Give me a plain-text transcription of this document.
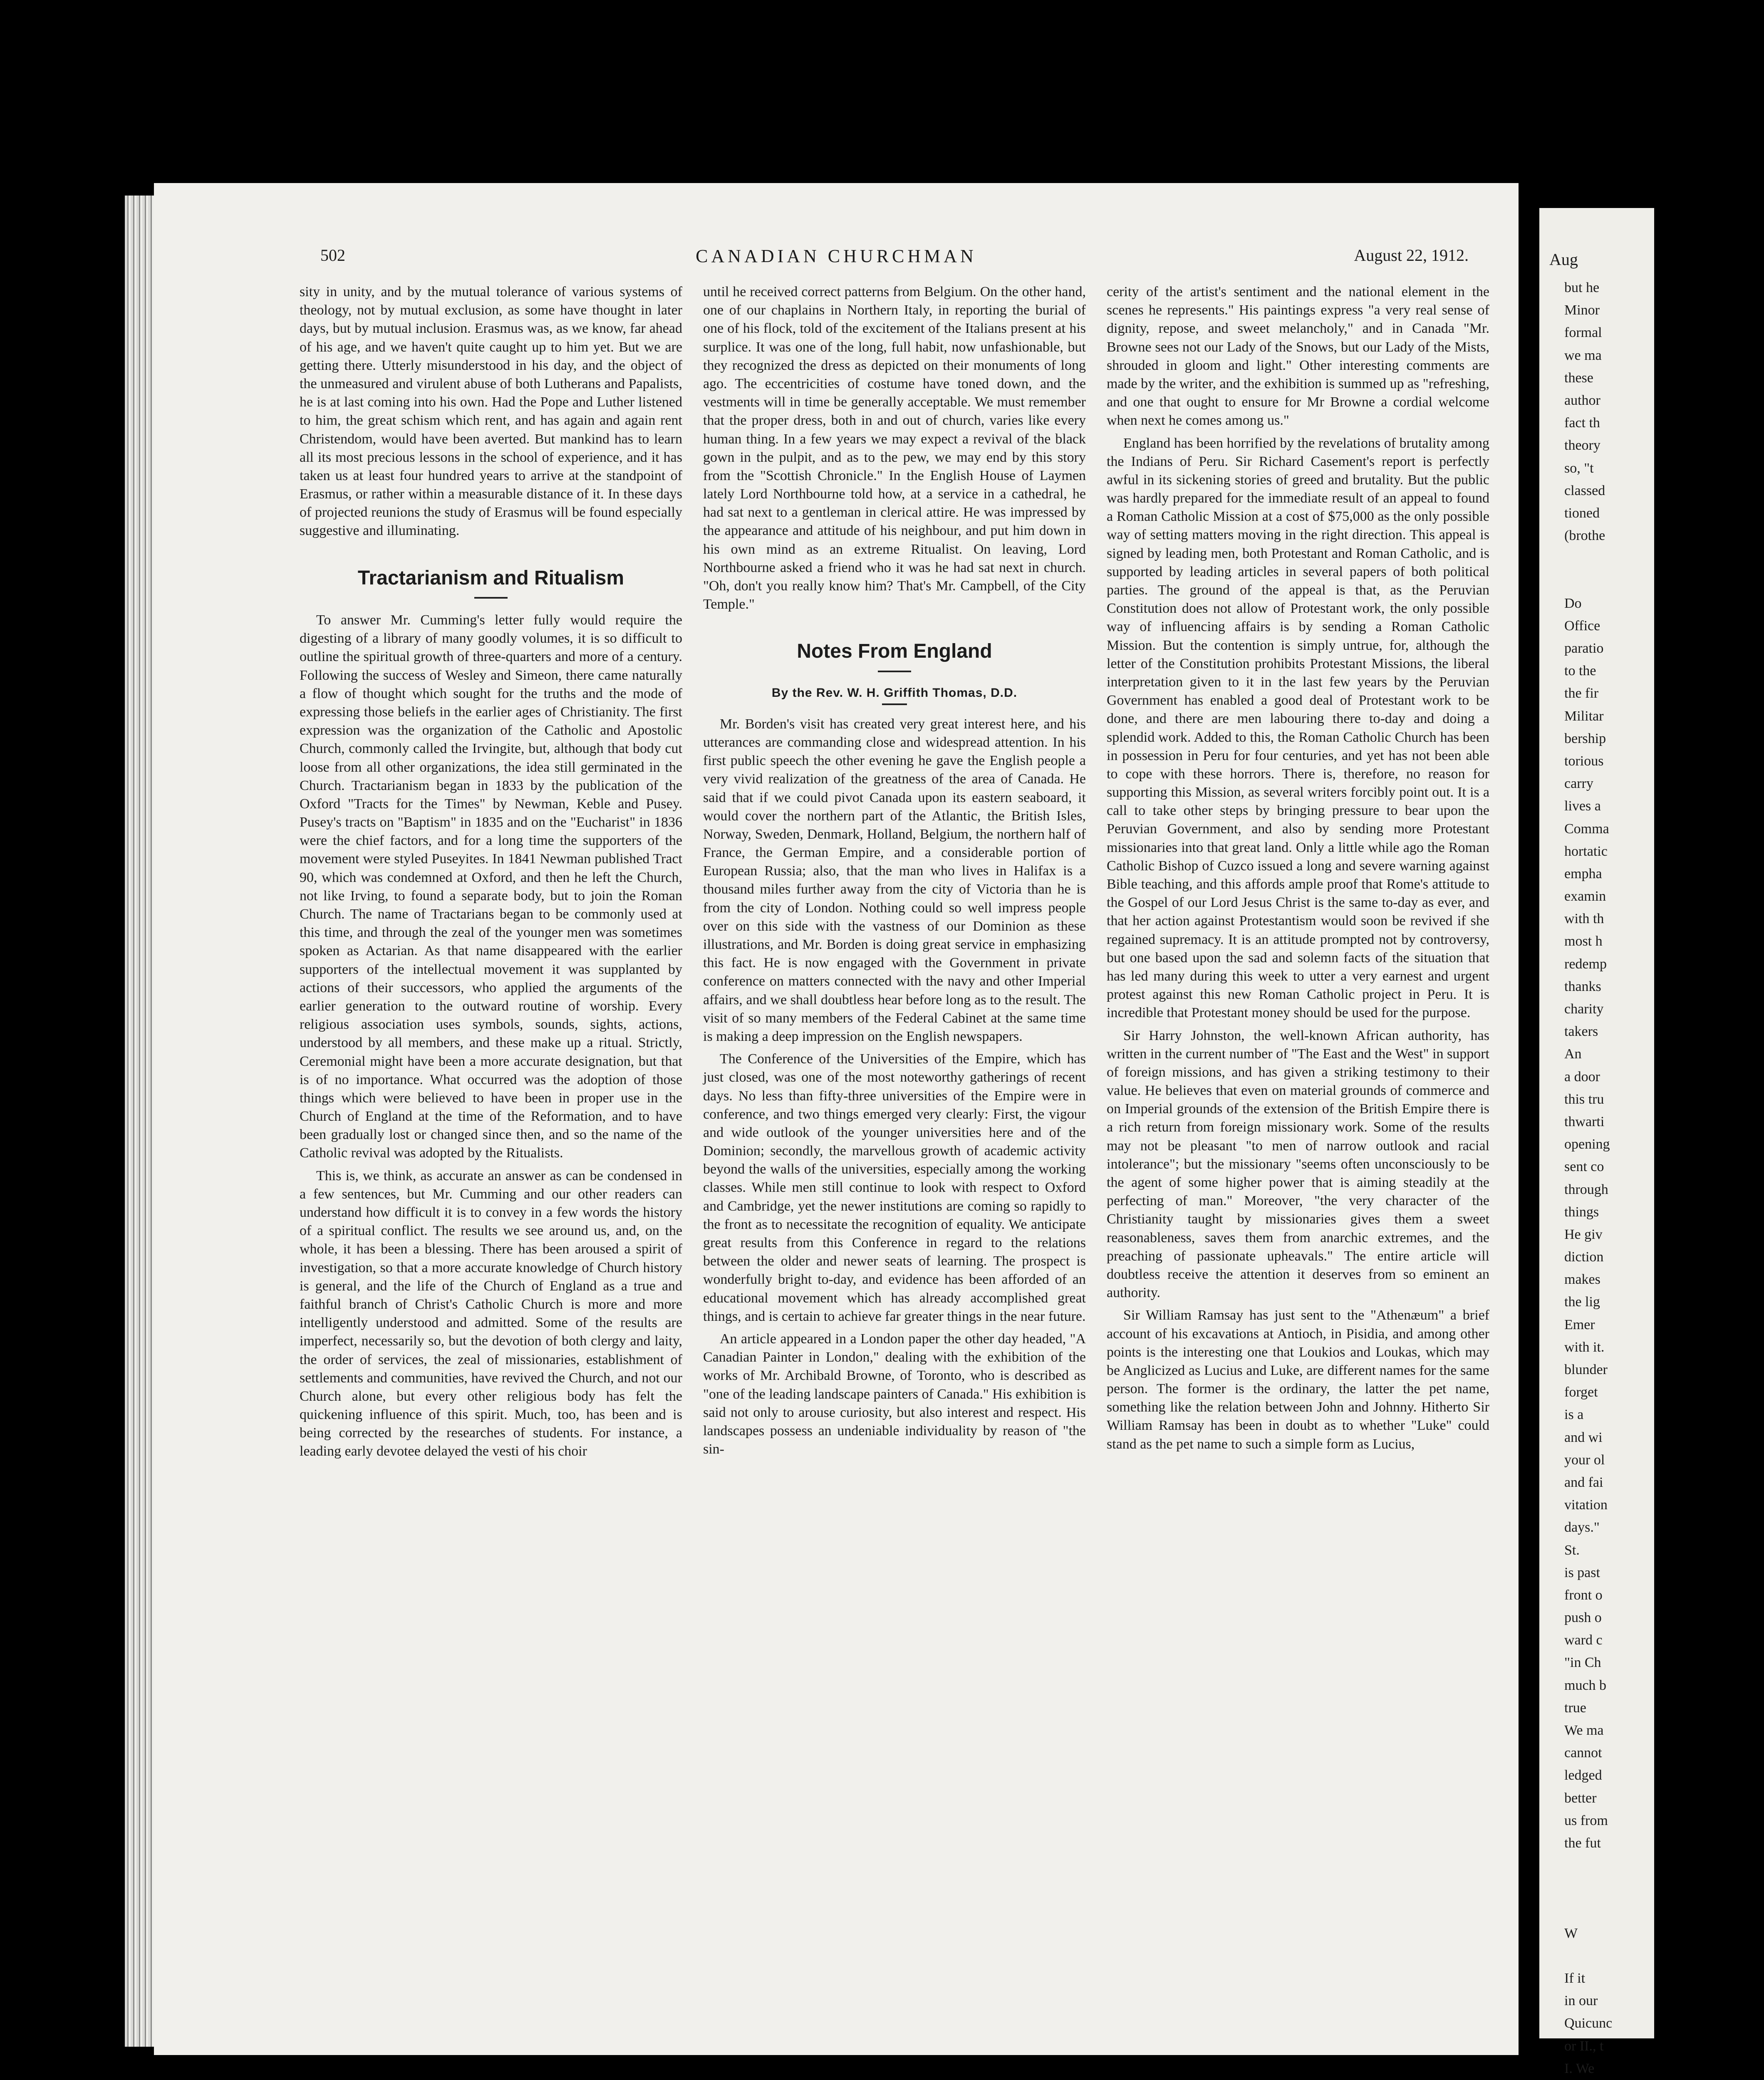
502	CANADIAN CHURCHMAN	August 22, 1912.

sity in unity, and by the mutual tolerance of various systems of theology, not by mutual exclusion, as some have thought in later days, but by mutual inclusion. Erasmus was, as we know, far ahead of his age, and we haven't quite caught up to him yet. But we are getting there. Utterly misunderstood in his day, and the object of the unmeasured and virulent abuse of both Lutherans and Papalists, he is at last coming into his own. Had the Pope and Luther listened to him, the great schism which rent, and has again and again rent Christendom, would have been averted. But mankind has to learn all its most precious lessons in the school of experience, and it has taken us at least four hundred years to arrive at the standpoint of Erasmus, or rather within a measurable distance of it. In these days of projected reunions the study of Erasmus will be found especially suggestive and illuminating.

Tractarianism and Ritualism

To answer Mr. Cumming's letter fully would require the digesting of a library of many goodly volumes, it is so difficult to outline the spiritual growth of three-quarters and more of a century. Following the success of Wesley and Simeon, there came naturally a flow of thought which sought for the truths and the mode of expressing those beliefs in the earlier ages of Christianity. The first expression was the organization of the Catholic and Apostolic Church, commonly called the Irvingite, but, although that body cut loose from all other organizations, the idea still germinated in the Church. Tractarianism began in 1833 by the publication of the Oxford "Tracts for the Times" by Newman, Keble and Pusey. Pusey's tracts on "Baptism" in 1835 and on the "Eucharist" in 1836 were the chief factors, and for a long time the supporters of the movement were styled Puseyites. In 1841 Newman published Tract 90, which was condemned at Oxford, and then he left the Church, not like Irving, to found a separate body, but to join the Roman Church. The name of Tractarians began to be commonly used at this time, and through the zeal of the younger men was sometimes spoken as Actarian. As that name disappeared with the earlier supporters of the intellectual movement it was supplanted by actions of their successors, who applied the arguments of the earlier generation to the outward routine of worship. Every religious association uses symbols, sounds, sights, actions, understood by all members, and these make up a ritual. Strictly, Ceremonial might have been a more accurate designation, but that is of no importance. What occurred was the adoption of those things which were believed to have been in proper use in the Church of England at the time of the Reformation, and to have been gradually lost or changed since then, and so the name of the Catholic revival was adopted by the Ritualists.

This is, we think, as accurate an answer as can be condensed in a few sentences, but Mr. Cumming and our other readers can understand how difficult it is to convey in a few words the history of a spiritual conflict. The results we see around us, and, on the whole, it has been a blessing. There has been aroused a spirit of investigation, so that a more accurate knowledge of Church history is general, and the life of the Church of England as a true and faithful branch of Christ's Catholic Church is more and more intelligently understood and admitted. Some of the results are imperfect, necessarily so, but the devotion of both clergy and laity, the order of services, the zeal of missionaries, establishment of settlements and communities, have revived the Church, and not our Church alone, but every other religious body has felt the quickening influence of this spirit. Much, too, has been and is being corrected by the researches of students. For instance, a leading early devotee delayed the vesti of his choir

until he received correct patterns from Belgium. On the other hand, one of our chaplains in Northern Italy, in reporting the burial of one of his flock, told of the excitement of the Italians present at his surplice. It was one of the long, full habit, now unfashionable, but they recognized the dress as depicted on their monuments of long ago. The eccentricities of costume have toned down, and the vestments will in time be generally acceptable. We must remember that the proper dress, both in and out of church, varies like every human thing. In a few years we may expect a revival of the black gown in the pulpit, and as to the pew, we may end by this story from the "Scottish Chronicle." In the English House of Laymen lately Lord Northbourne told how, at a service in a cathedral, he had sat next to a gentleman in clerical attire. He was impressed by the appearance and attitude of his neighbour, and put him down in his own mind as an extreme Ritualist. On leaving, Lord Northbourne asked a friend who it was he had sat next in church. "Oh, don't you really know him? That's Mr. Campbell, of the City Temple."

Notes From England
By the Rev. W. H. Griffith Thomas, D.D.

Mr. Borden's visit has created very great interest here, and his utterances are commanding close and widespread attention. In his first public speech the other evening he gave the English people a very vivid realization of the greatness of the area of Canada. He said that if we could pivot Canada upon its eastern seaboard, it would cover the northern part of the Atlantic, the British Isles, Norway, Sweden, Denmark, Holland, Belgium, the northern half of France, the German Empire, and a considerable portion of European Russia; also, that the man who lives in Halifax is a thousand miles further away from the city of Victoria than he is from the city of London. Nothing could so well impress people over on this side with the vastness of our Dominion as these illustrations, and Mr. Borden is doing great service in emphasizing this fact. He is now engaged with the Government in private conference on matters connected with the navy and other Imperial affairs, and we shall doubtless hear before long as to the result. The visit of so many members of the Federal Cabinet at the same time is making a deep impression on the English newspapers.

The Conference of the Universities of the Empire, which has just closed, was one of the most noteworthy gatherings of recent days. No less than fifty-three universities of the Empire were in conference, and two things emerged very clearly: First, the vigour and wide outlook of the younger universities here and of the Dominion; secondly, the marvellous growth of academic activity beyond the walls of the universities, especially among the working classes. While men still continue to look with respect to Oxford and Cambridge, yet the newer institutions are coming so rapidly to the front as to necessitate the recognition of equality. We anticipate great results from this Conference in regard to the relations between the older and newer seats of learning. The prospect is wonderfully bright to-day, and evidence has been afforded of an educational movement which has already accomplished great things, and is certain to achieve far greater things in the near future.

An article appeared in a London paper the other day headed, "A Canadian Painter in London," dealing with the exhibition of the works of Mr. Archibald Browne, of Toronto, who is described as "one of the leading landscape painters of Canada." His exhibition is said not only to arouse curiosity, but also interest and respect. His landscapes possess an undeniable individuality by reason of "the sin-

cerity of the artist's sentiment and the national element in the scenes he represents." His paintings express "a very real sense of dignity, repose, and sweet melancholy," and in Canada "Mr. Browne sees not our Lady of the Snows, but our Lady of the Mists, shrouded in gloom and light." Other interesting comments are made by the writer, and the exhibition is summed up as "refreshing, and one that ought to ensure for Mr Browne a cordial welcome when next he comes among us."

England has been horrified by the revelations of brutality among the Indians of Peru. Sir Richard Casement's report is perfectly awful in its sickening stories of greed and brutality. But the public was hardly prepared for the immediate result of an appeal to found a Roman Catholic Mission at a cost of $75,000 as the only possible way of setting matters moving in the right direction. This appeal is signed by leading men, both Protestant and Roman Catholic, and is supported by leading articles in several papers of both political parties. The ground of the appeal is that, as the Peruvian Constitution does not allow of Protestant work, the only possible way of influencing affairs is by sending a Roman Catholic Mission. But the contention is simply untrue, for, although the letter of the Constitution prohibits Protestant Missions, the liberal interpretation given to it in the last few years by the Peruvian Government has enabled a good deal of Protestant work to be done, and there are men labouring there to-day and doing a splendid work. Added to this, the Roman Catholic Church has been in possession in Peru for four centuries, and yet has not been able to cope with these horrors. There is, therefore, no reason for supporting this Mission, as several writers forcibly point out. It is a call to take other steps by bringing pressure to bear upon the Peruvian Government, and also by sending more Protestant missionaries into that great land. Only a little while ago the Roman Catholic Bishop of Cuzco issued a long and severe warning against Bible teaching, and this affords ample proof that Rome's attitude to the Gospel of our Lord Jesus Christ is the same to-day as ever, and that her action against Protestantism would soon be revived if she regained supremacy. It is an attitude prompted not by controversy, but one based upon the sad and solemn facts of the situation that has led many during this week to utter a very earnest and urgent protest against this new Roman Catholic project in Peru. It is incredible that Protestant money should be used for the purpose.

Sir Harry Johnston, the well-known African authority, has written in the current number of "The East and the West" in support of foreign missions, and has given a striking testimony to their value. He believes that even on material grounds of commerce and on Imperial grounds of the extension of the British Empire there is a rich return from foreign missionary work. Some of the results may not be pleasant "to men of narrow outlook and racial intolerance"; but the missionary "seems often unconsciously to be the agent of some higher power that is aiming steadily at the perfecting of man." Moreover, "the very character of the Christianity taught by missionaries gives them a sweet reasonableness, saves them from anarchic extremes, and the preaching of passionate upheavals." The entire article will doubtless receive the attention it deserves from so eminent an authority.

Sir William Ramsay has just sent to the "Athenæum" a brief account of his excavations at Antioch, in Pisidia, and among other points is the interesting one that Loukios and Loukas, which may be Anglicized as Lucius and Luke, are different names for the same person. The former is the ordinary, the latter the pet name, something like the relation between John and Johnny. Hitherto Sir William Ramsay has been in doubt as to whether "Luke" could stand as the pet name to such a simple form as Lucius,

Aug

but he

Minor

formal

we ma

these

author

fact th

theory

so, "t

classed

tioned

(brothe

Do

Office

paratio

to the

the fir

Militar

bership

torious

carry

lives a

Comma

hortatic

empha

examin

with th

most h

redemp

thanks

charity

takers

An

a door

this tru

thwarti

opening

sent co

through

things

He giv

diction

makes

the lig

Emer

with it.

blunder

forget

is a

and wi

your ol

and fai

vitation

days."

St.

is past

front o

push o

ward c

"in Ch

much b

true

We ma

cannot

ledged

better

us from

the fut

W

If it

in our

Quicunc

or II., t

I. We
